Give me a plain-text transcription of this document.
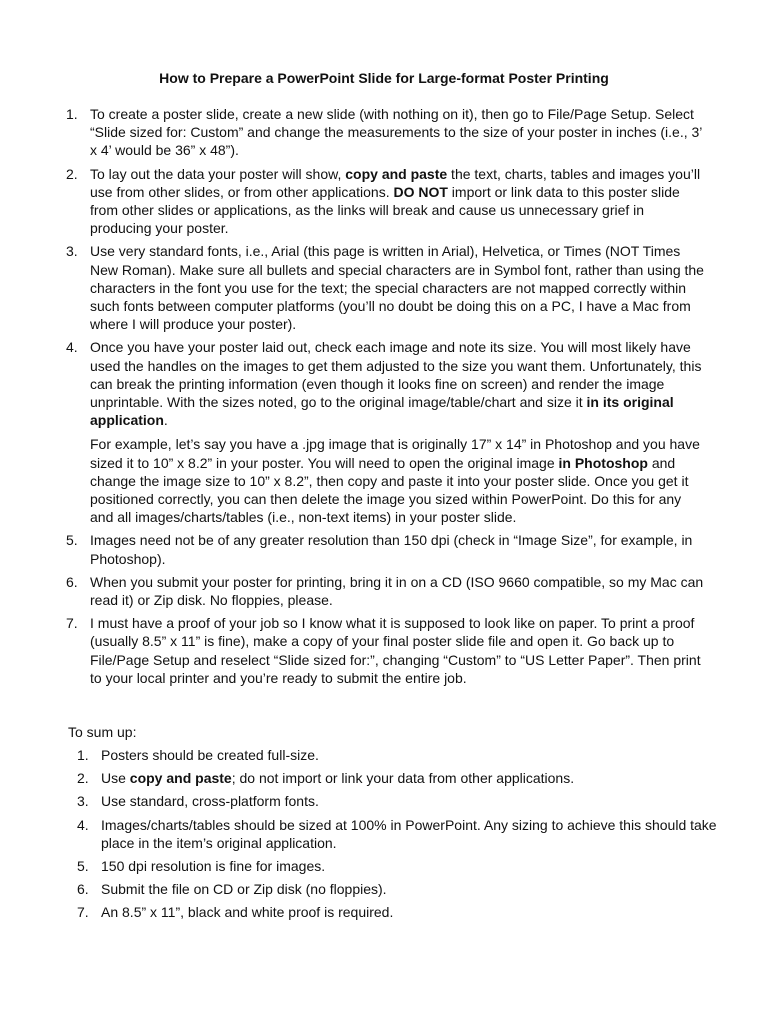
How to Prepare a PowerPoint Slide for Large-format Poster Printing
1. To create a poster slide, create a new slide (with nothing on it), then go to File/Page Setup. Select “Slide sized for: Custom” and change the measurements to the size of your poster in inches (i.e., 3’ x 4’ would be 36” x 48”).

2. To lay out the data your poster will show, copy and paste the text, charts, tables and images you’ll use from other slides, or from other applications. DO NOT import or link data to this poster slide from other slides or applications, as the links will break and cause us unnecessary grief in producing your poster.

3. Use very standard fonts, i.e., Arial (this page is written in Arial), Helvetica, or Times (NOT Times New Roman). Make sure all bullets and special characters are in Symbol font, rather than using the characters in the font you use for the text; the special characters are not mapped correctly within such fonts between computer platforms (you’ll no doubt be doing this on a PC, I have a Mac from where I will produce your poster).

4. Once you have your poster laid out, check each image and note its size. You will most likely have used the handles on the images to get them adjusted to the size you want them. Unfortunately, this can break the printing information (even though it looks fine on screen) and render the image unprintable. With the sizes noted, go to the original image/table/chart and size it in its original application.

For example, let’s say you have a .jpg image that is originally 17” x 14” in Photoshop and you have sized it to 10” x 8.2” in your poster. You will need to open the original image in Photoshop and change the image size to 10” x 8.2”, then copy and paste it into your poster slide. Once you get it positioned correctly, you can then delete the image you sized within PowerPoint. Do this for any and all images/charts/tables (i.e., non-text items) in your poster slide.

5. Images need not be of any greater resolution than 150 dpi (check in “Image Size”, for example, in Photoshop).

6. When you submit your poster for printing, bring it in on a CD (ISO 9660 compatible, so my Mac can read it) or Zip disk. No floppies, please.

7. I must have a proof of your job so I know what it is supposed to look like on paper. To print a proof (usually 8.5” x 11” is fine), make a copy of your final poster slide file and open it. Go back up to File/Page Setup and reselect “Slide sized for:”, changing “Custom” to “US Letter Paper”. Then print to your local printer and you’re ready to submit the entire job.

To sum up:
1. Posters should be created full-size.

2. Use copy and paste; do not import or link your data from other applications.

3. Use standard, cross-platform fonts.

4. Images/charts/tables should be sized at 100% in PowerPoint. Any sizing to achieve this should take place in the item’s original application.

5. 150 dpi resolution is fine for images.

6. Submit the file on CD or Zip disk (no floppies).

7. An 8.5” x 11”, black and white proof is required.
